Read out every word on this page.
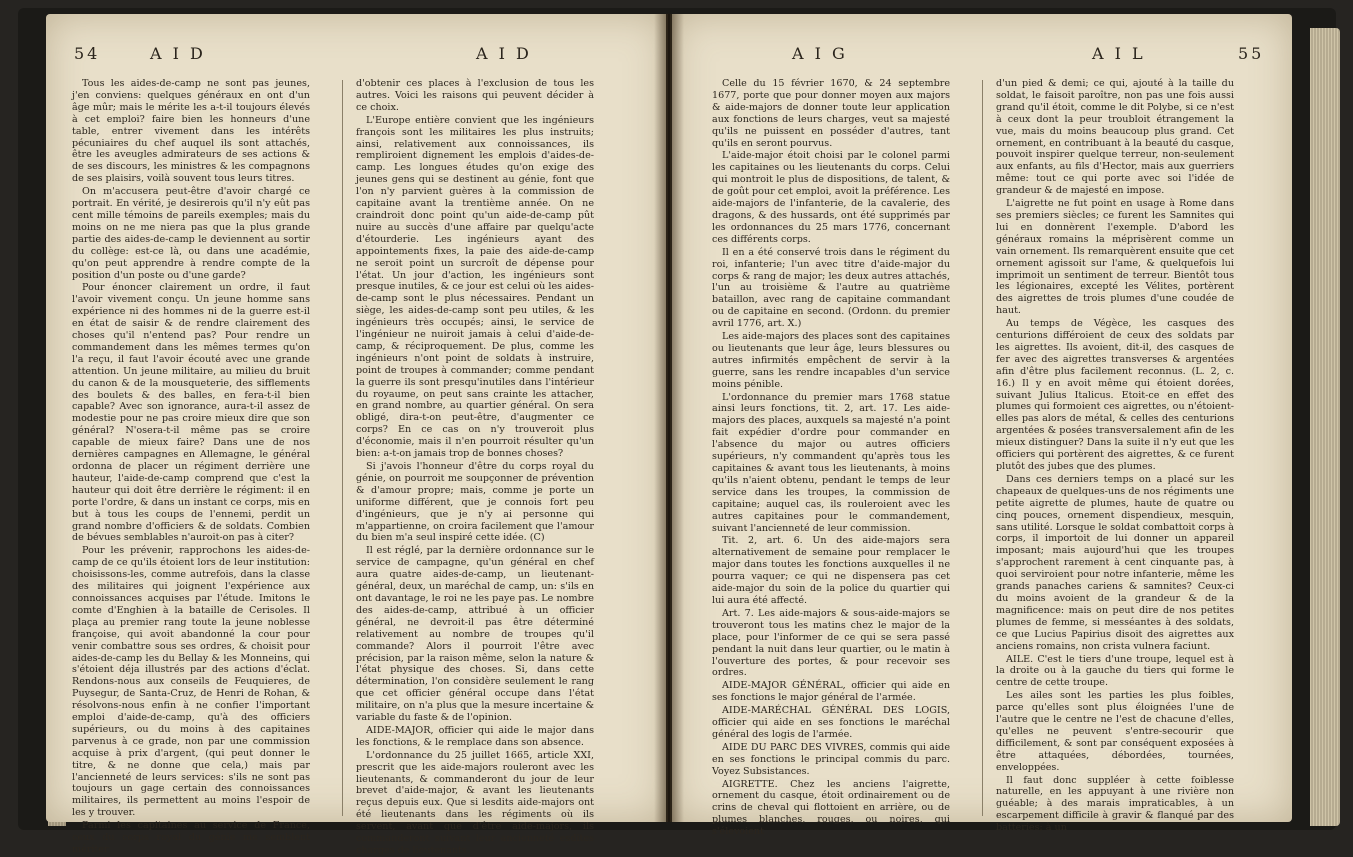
54	A I D	A I D

Tous les aides-de-camp ne sont pas jeunes, j'en conviens: quelques généraux en ont d'un âge mûr; mais le mérite les a-t-il toujours élevés à cet emploi? faire bien les honneurs d'une table, entrer vivement dans les intérêts pécuniaires du chef auquel ils sont attachés, être les aveugles admirateurs de ses actions & de ses discours, les ministres & les compagnons de ses plaisirs, voilà souvent tous leurs titres.

On m'accusera peut-être d'avoir chargé ce portrait. En vérité, je desirerois qu'il n'y eût pas cent mille témoins de pareils exemples; mais du moins on ne me niera pas que la plus grande partie des aides-de-camp le deviennent au sortir du collège: est-ce là, ou dans une académie, qu'on peut apprendre à rendre compte de la position d'un poste ou d'une garde?

Pour énoncer clairement un ordre, il faut l'avoir vivement conçu. Un jeune homme sans expérience ni des hommes ni de la guerre est-il en état de saisir & de rendre clairement des choses qu'il n'entend pas? Pour rendre un commandement dans les mêmes termes qu'on l'a reçu, il faut l'avoir écouté avec une grande attention. Un jeune militaire, au milieu du bruit du canon & de la mousqueterie, des sifflements des boulets & des balles, en fera-t-il bien capable? Avec son ignorance, aura-t-il assez de modestie pour ne pas croire mieux dire que son général? N'osera-t-il même pas se croire capable de mieux faire? Dans une de nos dernières campagnes en Allemagne, le général ordonna de placer un régiment derrière une hauteur, l'aide-de-camp comprend que c'est la hauteur qui doit être derrière le régiment: il en porte l'ordre, & dans un instant ce corps, mis en but à tous les coups de l'ennemi, perdit un grand nombre d'officiers & de soldats. Combien de bévues semblables n'auroit-on pas à citer?

Pour les prévenir, rapprochons les aides-de-camp de ce qu'ils étoient lors de leur institution: choisissons-les, comme autrefois, dans la classe des militaires qui joignent l'expérience aux connoissances acquises par l'étude. Imitons le comte d'Enghien à la bataille de Cerisoles. Il plaça au premier rang toute la jeune noblesse françoise, qui avoit abandonné la cour pour venir combattre sous ses ordres, & choisit pour aides-de-camp les du Bellay & les Monneins, qui s'étoient déja illustrés par des actions d'éclat. Rendons-nous aux conseils de Feuquieres, de Puysegur, de Santa-Cruz, de Henri de Rohan, & résolvons-nous enfin à ne confier l'important emploi d'aide-de-camp, qu'à des officiers supérieurs, ou du moins à des capitaines parvenus à ce grade, non par une commission acquise à prix d'argent, (qui peut donner le titre, & ne donne que cela,) mais par l'ancienneté de leurs services: s'ils ne sont pas toujours un gage certain des connoissances militaires, ils permettent au moins l'espoir de les y trouver.

Parmi les capitaines au service de France, ceux du corps royal du génie me semblent mériter

d'obtenir ces places à l'exclusion de tous les autres. Voici les raisons qui peuvent décider à ce choix.

L'Europe entière convient que les ingénieurs françois sont les militaires les plus instruits; ainsi, relativement aux connoissances, ils rempliroient dignement les emplois d'aides-de-camp. Les longues études qu'on exige des jeunes gens qui se destinent au génie, font que l'on n'y parvient guères à la commission de capitaine avant la trentième année. On ne craindroit donc point qu'un aide-de-camp pût nuire au succès d'une affaire par quelqu'acte d'étourderie. Les ingénieurs ayant des appointements fixes, la paie des aide-de-camp ne seroit point un surcroît de dépense pour l'état. Un jour d'action, les ingénieurs sont presque inutiles, & ce jour est celui où les aides-de-camp sont le plus nécessaires. Pendant un siège, les aides-de-camp sont peu utiles, & les ingénieurs très occupés; ainsi, le service de l'ingénieur ne nuiroit jamais à celui d'aide-de-camp, & réciproquement. De plus, comme les ingénieurs n'ont point de soldats à instruire, point de troupes à commander; comme pendant la guerre ils sont presqu'inutiles dans l'intérieur du royaume, on peut sans crainte les attacher, en grand nombre, au quartier général. On sera obligé, dira-t-on peut-être, d'augmenter ce corps? En ce cas on n'y trouveroit plus d'économie, mais il n'en pourroit résulter qu'un bien: a-t-on jamais trop de bonnes choses?

Si j'avois l'honneur d'être du corps royal du génie, on pourroit me soupçonner de prévention & d'amour propre; mais, comme je porte un uniforme différent, que je connois fort peu d'ingénieurs, que je n'y ai personne qui m'appartienne, on croira facilement que l'amour du bien m'a seul inspiré cette idée. (C)

Il est réglé, par la dernière ordonnance sur le service de campagne, qu'un général en chef aura quatre aides-de-camp, un lieutenant-général, deux, un maréchal de camp, un: s'ils en ont davantage, le roi ne les paye pas. Le nombre des aides-de-camp, attribué à un officier général, ne devroit-il pas être déterminé relativement au nombre de troupes qu'il commande? Alors il pourroit l'être avec précision, par la raison même, selon la nature & l'état physique des choses. Si, dans cette détermination, l'on considère seulement le rang que cet officier général occupe dans l'état militaire, on n'a plus que la mesure incertaine & variable du faste & de l'opinion.

AIDE-MAJOR, officier qui aide le major dans les fonctions, & le remplace dans son absence.

L'ordonnance du 25 juillet 1665, article XXI, prescrit que les aide-majors rouleront avec les lieutenants, & commanderont du jour de leur brevet d'aide-major, & avant les lieutenants reçus depuis eux. Que si lesdits aide-majors ont été lieutenants dans les régiments où ils servent, avant que d'être aide-majors, ils commanderont suivant leur ancienneté esdites charges de lieutenants.

A I G	A I L	55

Celle du 15 février 1670, & 24 septembre 1677, porte que pour donner moyen aux majors & aide-majors de donner toute leur application aux fonctions de leurs charges, veut sa majesté qu'ils ne puissent en posséder d'autres, tant qu'ils en seront pourvus.

L'aide-major étoit choisi par le colonel parmi les capitaines ou les lieutenants du corps. Celui qui montroit le plus de dispositions, de talent, & de goût pour cet emploi, avoit la préférence. Les aide-majors de l'infanterie, de la cavalerie, des dragons, & des hussards, ont été supprimés par les ordonnances du 25 mars 1776, concernant ces différents corps.

Il en a été conservé trois dans le régiment du roi, infanterie; l'un avec titre d'aide-major du corps & rang de major; les deux autres attachés, l'un au troisième & l'autre au quatrième bataillon, avec rang de capitaine commandant ou de capitaine en second. (Ordonn. du premier avril 1776, art. X.)

Les aide-majors des places sont des capitaines ou lieutenants que leur âge, leurs blessures ou autres infirmités empêchent de servir à la guerre, sans les rendre incapables d'un service moins pénible.

L'ordonnance du premier mars 1768 statue ainsi leurs fonctions, tit. 2, art. 17. Les aide-majors des places, auxquels sa majesté n'a point fait expédier d'ordre pour commander en l'absence du major ou autres officiers supérieurs, n'y commandent qu'après tous les capitaines & avant tous les lieutenants, à moins qu'ils n'aient obtenu, pendant le temps de leur service dans les troupes, la commission de capitaine; auquel cas, ils rouleroient avec les autres capitaines pour le commandement, suivant l'ancienneté de leur commission.

Tit. 2, art. 6. Un des aide-majors sera alternativement de semaine pour remplacer le major dans toutes les fonctions auxquelles il ne pourra vaquer; ce qui ne dispensera pas cet aide-major du soin de la police du quartier qui lui aura été affecté.

Art. 7. Les aide-majors & sous-aide-majors se trouveront tous les matins chez le major de la place, pour l'informer de ce qui se sera passé pendant la nuit dans leur quartier, ou le matin à l'ouverture des portes, & pour recevoir ses ordres.

AIDE-MAJOR GÉNÉRAL, officier qui aide en ses fonctions le major général de l'armée.

AIDE-MARÉCHAL GÉNÉRAL DES LOGIS, officier qui aide en ses fonctions le maréchal général des logis de l'armée.

AIDE DU PARC DES VIVRES, commis qui aide en ses fonctions le principal commis du parc. Voyez Subsistances.

AIGRETTE. Chez les anciens l'aigrette, ornement du casque, étoit ordinairement ou de crins de cheval qui flottoient en arrière, ou de plumes blanches, rouges, ou noires, qui s'élevoient

d'un pied & demi; ce qui, ajouté à la taille du soldat, le faisoit paroître, non pas une fois aussi grand qu'il étoit, comme le dit Polybe, si ce n'est à ceux dont la peur troubloit étrangement la vue, mais du moins beaucoup plus grand. Cet ornement, en contribuant à la beauté du casque, pouvoit inspirer quelque terreur, non-seulement aux enfants, au fils d'Hector, mais aux guerriers même: tout ce qui porte avec soi l'idée de grandeur & de majesté en impose.

L'aigrette ne fut point en usage à Rome dans ses premiers siècles; ce furent les Samnites qui lui en donnèrent l'exemple. D'abord les généraux romains la méprisèrent comme un vain ornement. Ils remarquèrent ensuite que cet ornement agissoit sur l'ame, & quelquefois lui imprimoit un sentiment de terreur. Bientôt tous les légionaires, excepté les Vélites, portèrent des aigrettes de trois plumes d'une coudée de haut.

Au temps de Végèce, les casques des centurions différoient de ceux des soldats par les aigrettes. Ils avoient, dit-il, des casques de fer avec des aigrettes transverses & argentées afin d'être plus facilement reconnus. (L. 2, c. 16.) Il y en avoit même qui étoient dorées, suivant Julius Italicus. Etoit-ce en effet des plumes qui formoient ces aigrettes, ou n'étoient-elles pas alors de métal, & celles des centurions argentées & posées transversalement afin de les mieux distinguer? Dans la suite il n'y eut que les officiers qui portèrent des aigrettes, & ce furent plutôt des jubes que des plumes.

Dans ces derniers temps on a placé sur les chapeaux de quelques-uns de nos régiments une petite aigrette de plumes, haute de quatre ou cinq pouces, ornement dispendieux, mesquin, sans utilité. Lorsque le soldat combattoit corps à corps, il importoit de lui donner un appareil imposant; mais aujourd'hui que les troupes s'approchent rarement à cent cinquante pas, à quoi serviroient pour notre infanterie, même les grands panaches cariens & samnites? Ceux-ci du moins avoient de la grandeur & de la magnificence: mais on peut dire de nos petites plumes de femme, si messéantes à des soldats, ce que Lucius Papirius disoit des aigrettes aux anciens romains, non crista vulnera faciunt.

AILE. C'est le tiers d'une troupe, lequel est à la droite ou à la gauche du tiers qui forme le centre de cette troupe.

Les ailes sont les parties les plus foibles, parce qu'elles sont plus éloignées l'une de l'autre que le centre ne l'est de chacune d'elles, qu'elles ne peuvent s'entre-secourir que difficilement, & sont par conséquent exposées à être attaquées, débordées, tournées, enveloppées.

Il faut donc suppléer à cette foiblesse naturelle, en les appuyant à une rivière non guéable; à des marais impraticables, à un escarpement difficile à gravir & flanqué par des batteries; à un
